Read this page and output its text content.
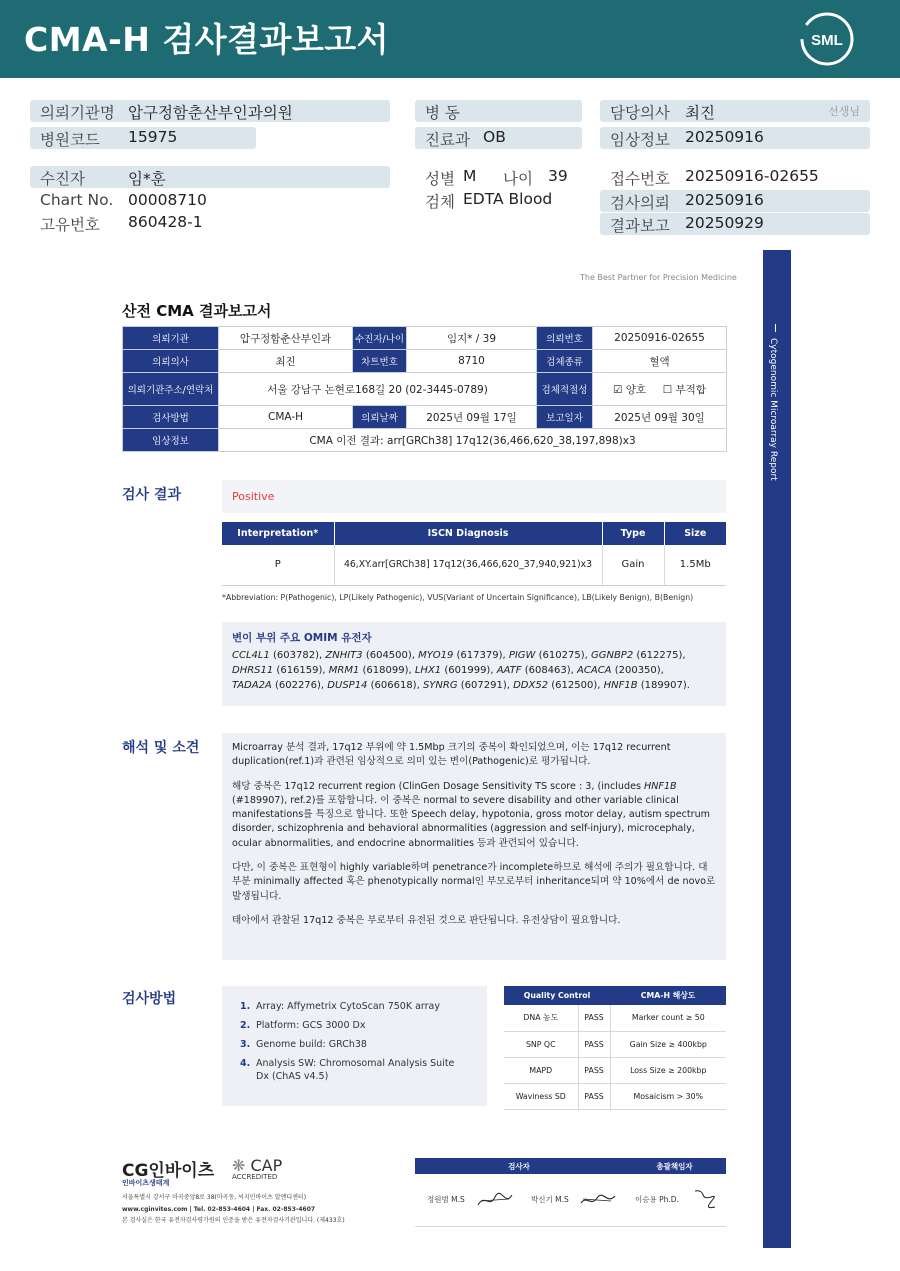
CMA-H 검사결과보고서	SML
의뢰기관명 압구정함춘산부인과의원
병원코드 15975
병 동
진료과 OB
담당의사 최진	선생님
임상정보 20250916
수진자	임*훈
Chart No. 00008710
고유번호 860428-1
성별 M 나이 39
검체 EDTA Blood
접수번호 20250916-02655
검사의뢰 20250916
결과보고 20250929
The Best Partner for Precision Medicine
Cytogenomic Microarray Report
산전 CMA 결과보고서
의뢰기관	압구정함춘산부인과	수진자/나이	임지* / 39	의뢰번호	20250916-02655
의뢰의사	최진	차트번호	8710	검체종류	혈액
의뢰기관주소/연락처	서울 강남구 논현로168길 20 (02-3445-0789)			검체적절성	☑ 양호 ☐ 부적합
검사방법	CMA-H	의뢰날짜	2025년 09월 17일	보고일자	2025년 09월 30일
임상정보	CMA 이전 결과: arr[GRCh38] 17q12(36,466,620_38,197,898)x3				
검사 결과	Positive
Interpretation*	ISCN Diagnosis	Type	Size
P	46,XY.arr[GRCh38] 17q12(36,466,620_37,940,921)x3	Gain	1.5Mb
*Abbreviation: P(Pathogenic), LP(Likely Pathogenic), VUS(Variant of Uncertain Significance), LB(Likely Benign), B(Benign)
변이 부위 주요 OMIM 유전자
CCL4L1 (603782), ZNHIT3 (604500), MYO19 (617379), PIGW (610275), GGNBP2 (612275),
DHRS11 (616159), MRM1 (618099), LHX1 (601999), AATF (608463), ACACA (200350),
TADA2A (602276), DUSP14 (606618), SYNRG (607291), DDX52 (612500), HNF1B (189907).
해석 및 소견	Microarray 분석 결과, 17q12 부위에 약 1.5Mbp 크기의 중복이 확인되었으며, 이는 17q12 recurrent duplication(ref.1)과 관련된 임상적으로 의미 있는 변이(Pathogenic)로 평가됩니다.

해당 중복은 17q12 recurrent region (ClinGen Dosage Sensitivity TS score : 3, (includes HNF1B (#189907), ref.2)를 포함합니다. 이 중복은 normal to severe disability and other variable clinical manifestations를 특징으로 합니다. 또한 Speech delay, hypotonia, gross motor delay, autism spectrum disorder, schizophrenia and behavioral abnormalities (aggression and self-injury), microcephaly, ocular abnormalities, and endocrine abnormalities 등과 관련되어 있습니다.

다만, 이 중복은 표현형이 highly variable하며 penetrance가 incomplete하므로 해석에 주의가 필요합니다. 대부분 minimally affected 혹은 phenotypically normal인 부모로부터 inheritance되며 약 10%에서 de novo로 발생됩니다.

태아에서 관찰된 17q12 중복은 부로부터 유전된 것으로 판단됩니다. 유전상담이 필요합니다.

검사방법	1. Array: Affymetrix CytoScan 750K array
2. Platform: GCS 3000 Dx
3. Genome build: GRCh38
4. Analysis SW: Chromosomal Analysis Suite Dx (ChAS v4.5)
Quality Control		CMA-H 해상도
DNA 농도	PASS	Marker count ≥ 50
SNP QC	PASS	Gain Size ≥ 400kbp
MAPD	PASS	Loss Size ≥ 200kbp
Waviness SD	PASS	Mosaicism > 30%
CG인바이츠
인바이츠생태계
❋ CAP
ACCREDITED
서울특별시 강서구 마곡중앙8로 38(마곡동, 씨지인바이츠 알앤디센터)
www.cginvites.com | Tel. 02-853-4604 | Fax. 02-853-4607
본 검사실은 한국 유전자검사평가원의 인증을 받은 유전자검사기관입니다. (제433호)
검사자		총괄책임자
정원범 M.S	박신기 M.S	이승용 Ph.D.
